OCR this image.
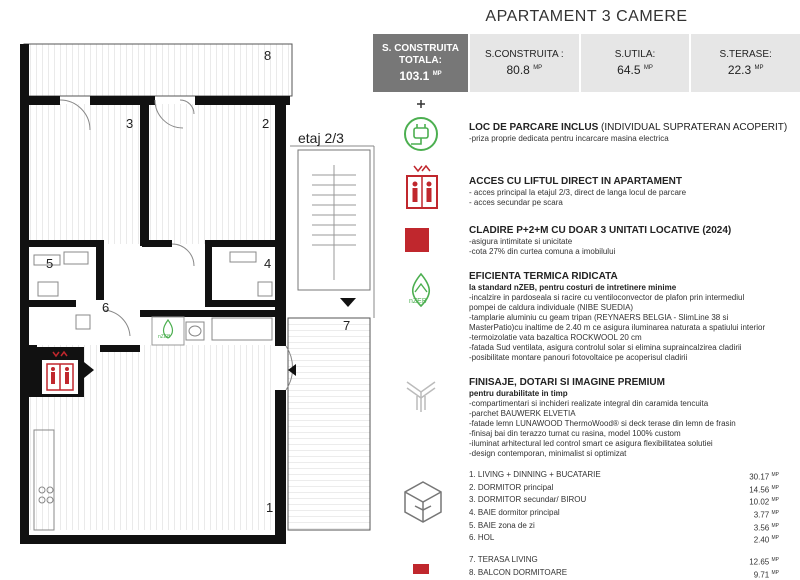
8
3	2
etaj 2/3
5	4
6
nZEB
7
1
APARTAMENT 3 CAMERE
S. CONSTRUITA TOTALA:
103.1 $^{MP}$
S.CONSTRUITA :
80.8 $^{MP}$
S.UTILA:
64.5 $^{MP}$
S.TERASE:
22.3 $^{MP}$
LOC DE PARCARE INCLUS (INDIVIDUAL SUPRATERAN ACOPERIT)
-priza proprie dedicata pentru incarcare masina electrica
ACCES CU LIFTUL DIRECT IN APARTAMENT
- acces principal la etajul 2/3, direct de langa locul de parcare
- acces secundar pe scara
CLADIRE P+2+M CU DOAR 3 UNITATI LOCATIVE (2024)
-asigura intimitate si unicitate
-cota 27% din curtea comuna a imobilului
nZEB
EFICIENTA TERMICA RIDICATA
la standard nZEB, pentru costuri de intretinere minime
-incalzire in pardoseala si racire cu ventiloconvector de plafon prin intermediul
pompei de caldura individuale (NIBE SUEDIA)
-tamplarie aluminiu cu geam tripan (REYNAERS BELGIA - SlimLine 38 si
MasterPatio)cu inaltime de 2.40 m ce asigura iluminarea naturata a spatiului interior
-termoizolatie vata bazaltica ROCKWOOL 20 cm
-fatada Sud ventilata, asigura controlul solar si elimina supraincalzirea cladirii
-posibilitate montare panouri fotovoltaice pe acoperisul cladirii
FINISAJE, DOTARI SI IMAGINE PREMIUM
pentru durabilitate in timp
-compartimentari si inchideri realizate integral din caramida tencuita
-parchet BAUWERK ELVETIA
-fatade lemn LUNAWOOD ThermoWood® si deck terase din lemn de frasin
-finisaj bai din terazzo turnat cu rasina, model 100% custom
-iluminat arhitectural led control smart ce asigura flexibilitatea solutiei
-design contemporan, minimalist si optimizat
1. LIVING + DINNING + BUCATARIE	30.17 $^{MP}$
2. DORMITOR principal	14.56 $^{MP}$
3. DORMITOR secundar/ BIROU	10.02 $^{MP}$
4. BAIE dormitor principal	3.77 $^{MP}$
5. BAIE zona de zi	3.56 $^{MP}$
6. HOL	2.40 $^{MP}$
7. TERASA LIVING	12.65 $^{MP}$
8. BALCON DORMITOARE	9.71 $^{MP}$
